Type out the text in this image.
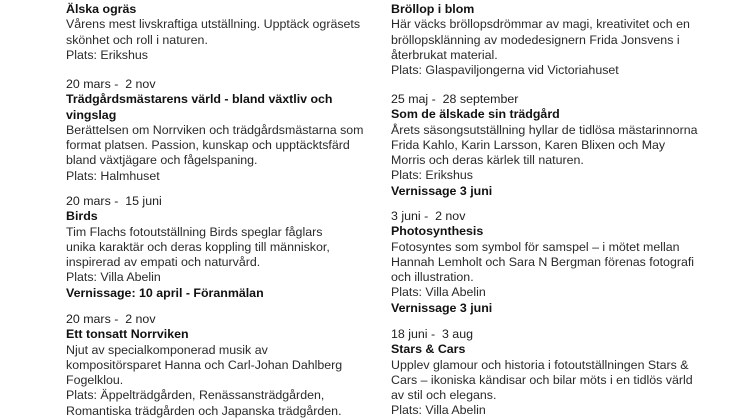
Älska ogräs
Vårens mest livskraftiga utställning. Upptäck ogräsets skönhet och roll i naturen.
Plats: Erikshus
20 mars -  2 nov
Trädgårdsmästarens värld - bland växtliv och vingslag
Berättelsen om Norrviken och trädgårdsmästarna som format platsen. Passion, kunskap och upptäcktsfärd bland växtjägare och fågelspaning.
Plats: Halmhuset
20 mars -  15 juni
Birds
Tim Flachs fotoutställning Birds speglar fåglars unika karaktär och deras koppling till människor, inspirerad av empati och naturvård.
Plats: Villa Abelin
Vernissage: 10 april - Föranmälan
20 mars -  2 nov
Ett tonsatt Norrviken
Njut av specialkomponerad musik av kompositörsparet Hanna och Carl-Johan Dahlberg Fogelklou.
Plats: Äppelträdgården, Renässansträdgården, Romantiska trädgården och Japanska trädgården.
Bröllop i blom
Här väcks bröllopsdrömmar av magi, kreativitet och en bröllopsklänning av modedesignern Frida Jonsvens i återbrukat material.
Plats: Glaspaviljongerna vid Victoriahuset
25 maj -  28 september
Som de älskade sin trädgård
Årets säsongsutställning hyllar de tidlösa mästarinnorna Frida Kahlo, Karin Larsson, Karen Blixen och May Morris och deras kärlek till naturen.
Plats: Erikshus
Vernissage 3 juni
3 juni -  2 nov
Photosynthesis
Fotosyntes som symbol för samspel – i mötet mellan Hannah Lemholt och Sara N Bergman förenas fotografi och illustration.
Plats: Villa Abelin
Vernissage 3 juni
18 juni -  3 aug
Stars & Cars
Upplev glamour och historia i fotoutställningen Stars & Cars – ikoniska kändisar och bilar möts i en tidlös värld av stil och elegans.
Plats: Villa Abelin
